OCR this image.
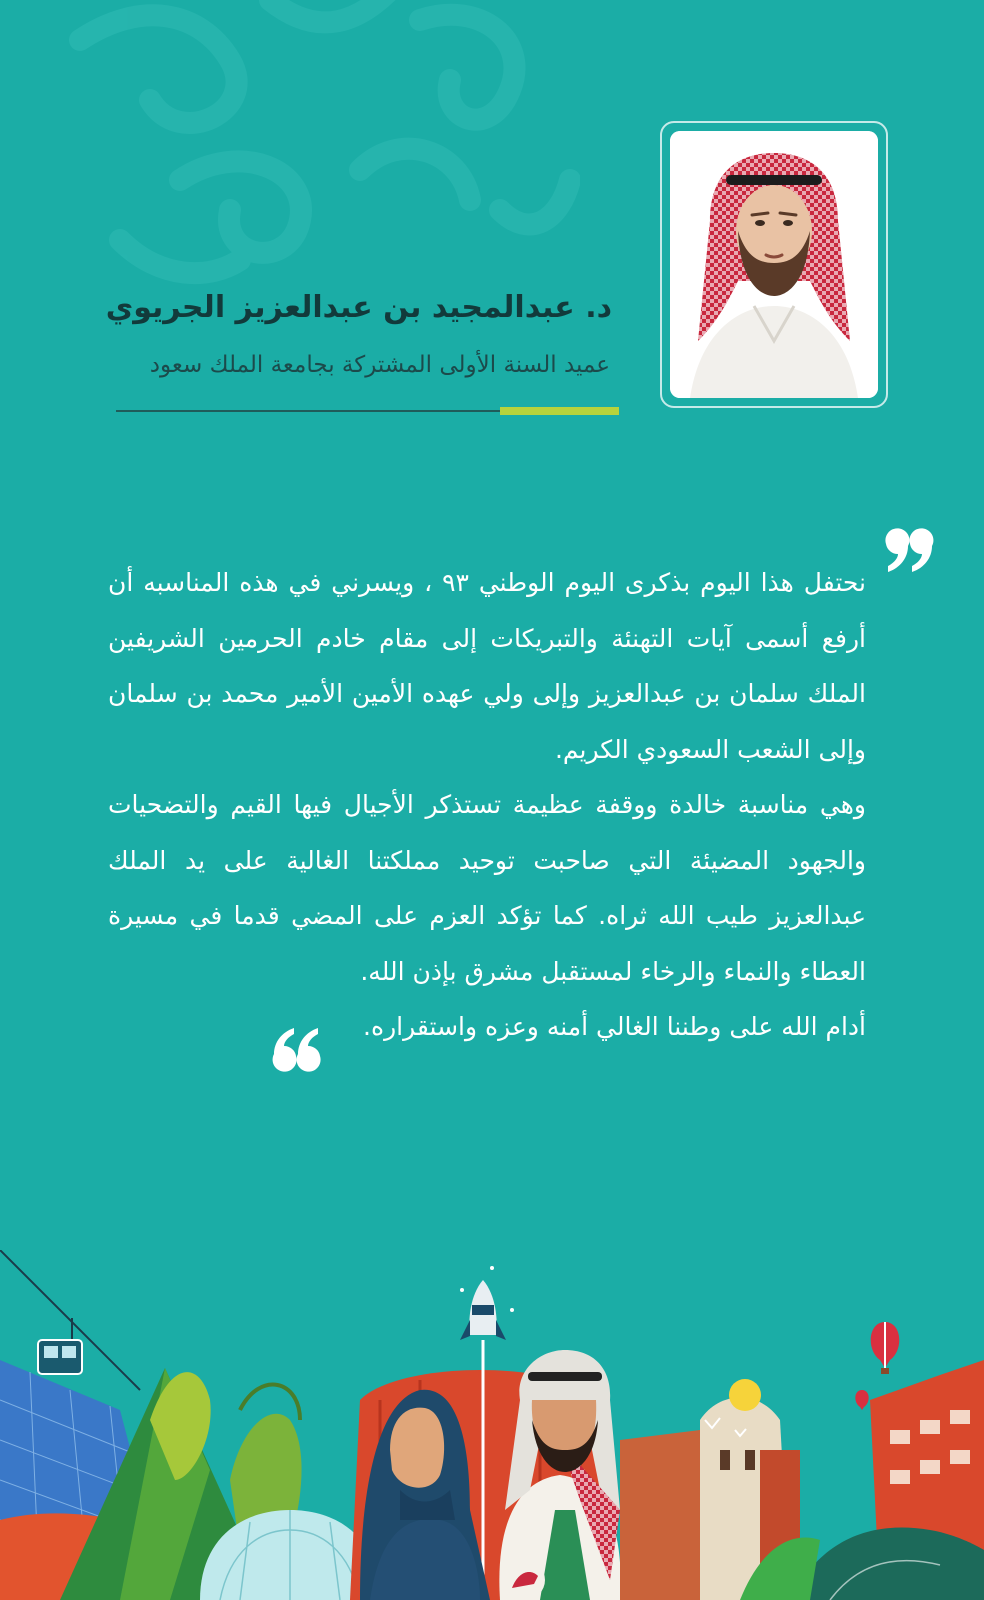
د. عبدالمجيد بن عبدالعزيز الجريوي
عميد السنة الأولى المشتركة بجامعة الملك سعود

نحتفل هذا اليوم بذكرى اليوم الوطني ٩٣ ، ويسرني في هذه المناسبه أن أرفع أسمى آيات التهنئة والتبريكات إلى مقام خادم الحرمين الشريفين الملك سلمان بن عبدالعزيز وإلى ولي عهده الأمين الأمير محمد بن سلمان وإلى الشعب السعودي الكريم.

وهي مناسبة خالدة ووقفة عظيمة تستذكر الأجيال فيها القيم والتضحيات والجهود المضيئة التي صاحبت توحيد مملكتنا الغالية على يد الملك عبدالعزيز طيب الله ثراه. كما تؤكد العزم على المضي قدما في مسيرة العطاء والنماء والرخاء لمستقبل مشرق بإذن الله.

أدام الله على وطننا الغالي أمنه وعزه واستقراره.
